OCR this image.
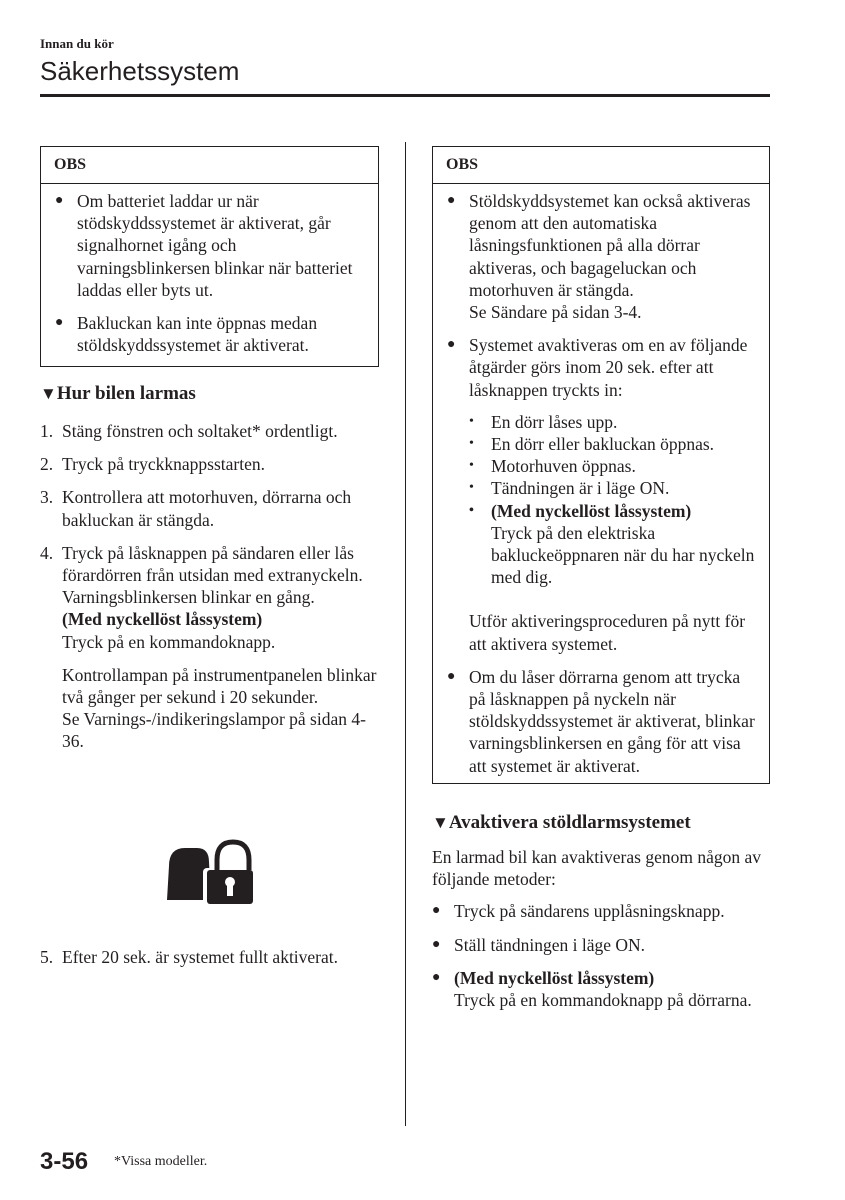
Innan du kör
Säkerhetssystem
OBS
● Om batteriet laddar ur när stödskyddssystemet är aktiverat, går signalhornet igång och varningsblinkersen blinkar när batteriet laddas eller byts ut.
● Bakluckan kan inte öppnas medan stöldskyddssystemet är aktiverat.
▼Hur bilen larmas
1. Stäng fönstren och soltaket* ordentligt.
2. Tryck på tryckknappsstarten.
3. Kontrollera att motorhuven, dörrarna och bakluckan är stängda.
4. Tryck på låsknappen på sändaren eller lås förardörren från utsidan med extranyckeln.
Varningsblinkersen blinkar en gång.
(Med nyckellöst låssystem)
Tryck på en kommandoknapp.
Kontrollampan på instrumentpanelen blinkar två gånger per sekund i 20 sekunder.
Se Varnings-/indikeringslampor på sidan 4-36.
5. Efter 20 sek. är systemet fullt aktiverat.
OBS
● Stöldskyddsystemet kan också aktiveras genom att den automatiska låsningsfunktionen på alla dörrar aktiveras, och bagageluckan och motorhuven är stängda.
Se Sändare på sidan 3-4.
● Systemet avaktiveras om en av följande åtgärder görs inom 20 sek. efter att låsknappen tryckts in:
• En dörr låses upp.
• En dörr eller bakluckan öppnas.
• Motorhuven öppnas.
• Tändningen är i läge ON.
• (Med nyckellöst låssystem)
Tryck på den elektriska bakluckeöppnaren när du har nyckeln med dig.
Utför aktiveringsproceduren på nytt för att aktivera systemet.
● Om du låser dörrarna genom att trycka på låsknappen på nyckeln när stöldskyddssystemet är aktiverat, blinkar varningsblinkersen en gång för att visa att systemet är aktiverat.
▼Avaktivera stöldlarmsystemet
En larmad bil kan avaktiveras genom någon av följande metoder:
● Tryck på sändarens upplåsningsknapp.
● Ställ tändningen i läge ON.
● (Med nyckellöst låssystem)
Tryck på en kommandoknapp på dörrarna.
3-56 *Vissa modeller.
